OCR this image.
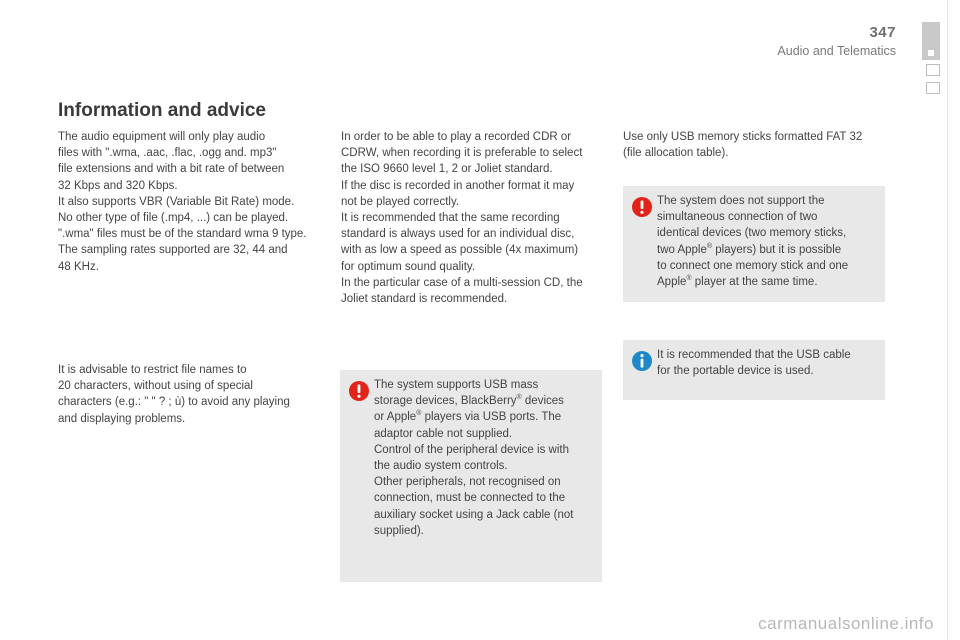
347
Audio and Telematics
Information and advice

The audio equipment will only play audio
files with ".wma, .aac, .flac, .ogg and. mp3"
file extensions and with a bit rate of between
32 Kbps and 320 Kbps.
It also supports VBR (Variable Bit Rate) mode.
No other type of file (.mp4, ...) can be played.
".wma" files must be of the standard wma 9 type.
The sampling rates supported are 32, 44 and
48 KHz.

It is advisable to restrict file names to
20 characters, without using of special
characters (e.g.: " " ? ; ù) to avoid any playing
and displaying problems.

In order to be able to play a recorded CDR or
CDRW, when recording it is preferable to select
the ISO 9660 level 1, 2 or Joliet standard.
If the disc is recorded in another format it may
not be played correctly.
It is recommended that the same recording
standard is always used for an individual disc,
with as low a speed as possible (4x maximum)
for optimum sound quality.
In the particular case of a multi-session CD, the
Joliet standard is recommended.

The system supports USB mass
storage devices, BlackBerry® devices
or Apple® players via USB ports. The
adaptor cable not supplied.
Control of the peripheral device is with
the audio system controls.
Other peripherals, not recognised on
connection, must be connected to the
auxiliary socket using a Jack cable (not
supplied).

Use only USB memory sticks formatted FAT 32
(file allocation table).

The system does not support the
simultaneous connection of two
identical devices (two memory sticks,
two Apple® players) but it is possible
to connect one memory stick and one
Apple® player at the same time.
It is recommended that the USB cable
for the portable device is used.
carmanualsonline.info
